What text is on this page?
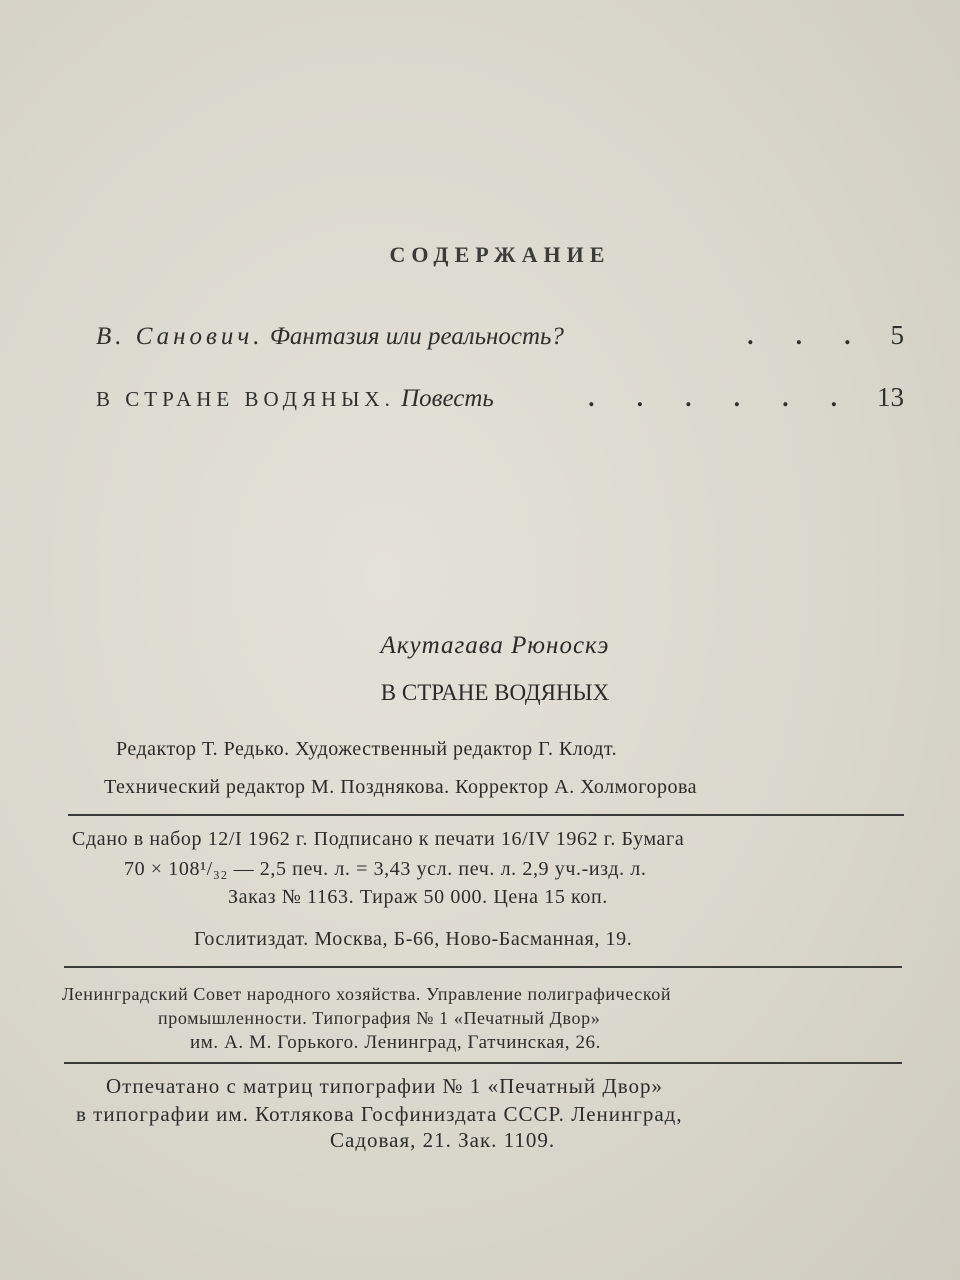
СОДЕРЖАНИЕ
В. Санович. Фантазия или реальность?	. . . 5
В СТРАНЕ ВОДЯНЫХ. Повесть	. . . . . . 13
Акутагава Рюноскэ
В СТРАНЕ ВОДЯНЫХ
Редактор Т. Редько. Художественный редактор Г. Клодт.
Технический редактор М. Позднякова. Корректор А. Холмогорова
Сдано в набор 12/I 1962 г. Подписано к печати 16/IV 1962 г. Бумага
70 × 108¹/₃₂ — 2,5 печ. л. = 3,43 усл. печ. л. 2,9 уч.-изд. л.
Заказ № 1163. Тираж 50 000. Цена 15 коп.
Гослитиздат. Москва, Б-66, Ново-Басманная, 19.
Ленинградский Совет народного хозяйства. Управление полиграфической
промышленности. Типография № 1 «Печатный Двор»
им. А. М. Горького. Ленинград, Гатчинская, 26.
Отпечатано с матриц типографии № 1 «Печатный Двор»
в типографии им. Котлякова Госфиниздата СССР. Ленинград,
Садовая, 21. Зак. 1109.
